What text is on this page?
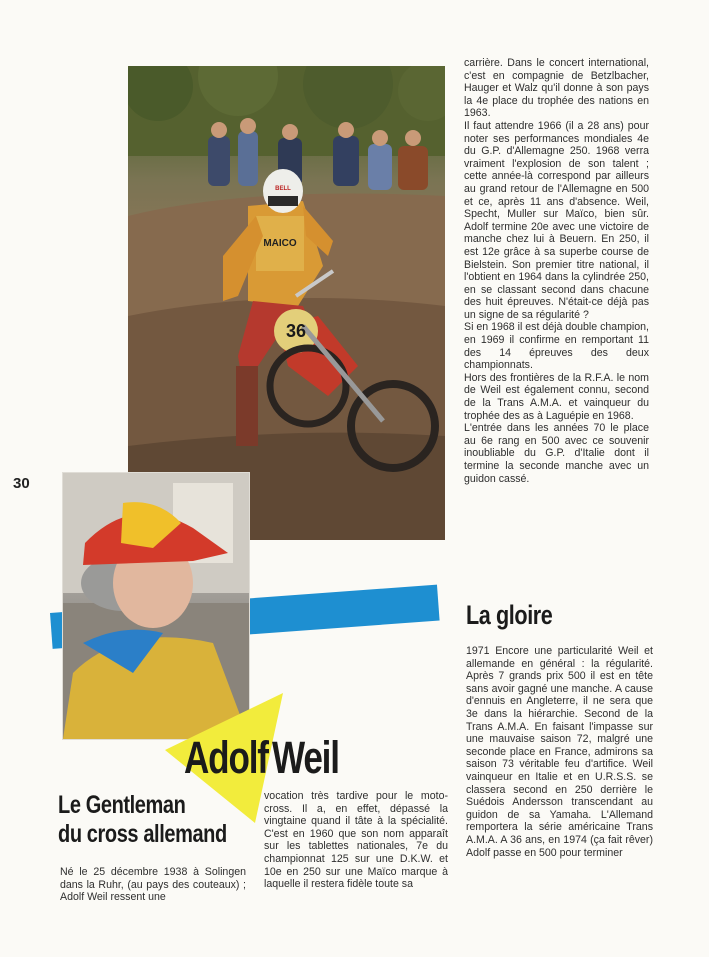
30
36
MAICO
BELL
Adolf Weil
Le Gentleman
du cross allemand
Né le 25 décembre 1938 à Solingen dans la Ruhr, (au pays des couteaux) ; Adolf Weil ressent une
vocation très tardive pour le moto-cross. Il a, en effet, dépassé la vingtaine quand il tâte à la spécialité. C'est en 1960 que son nom apparaît sur les tablettes nationales, 7e du championnat 125 sur une D.K.W. et 10e en 250 sur une Maïco marque à laquelle il restera fidèle toute sa
carrière. Dans le concert international, c'est en compagnie de Betzlbacher, Hauger et Walz qu'il donne à son pays la 4e place du trophée des nations en 1963.
Il faut attendre 1966 (il a 28 ans) pour noter ses performances mondiales 4e du G.P. d'Allemagne 250. 1968 verra vraiment l'explosion de son talent ; cette année-là correspond par ailleurs au grand retour de l'Allemagne en 500 et ce, après 11 ans d'absence. Weil, Specht, Muller sur Maïco, bien sûr. Adolf termine 20e avec une victoire de manche chez lui à Beuern. En 250, il est 12e grâce à sa superbe course de Bielstein. Son premier titre national, il l'obtient en 1964 dans la cylindrée 250, en se classant second dans chacune des huit épreuves. N'était-ce déjà pas un signe de sa régularité ?
Si en 1968 il est déjà double champion, en 1969 il confirme en remportant 11 des 14 épreuves des deux championnats.
Hors des frontières de la R.F.A. le nom de Weil est également connu, second de la Trans A.M.A. et vainqueur du trophée des as à Laguépie en 1968.
L'entrée dans les années 70 le place au 6e rang en 500 avec ce souvenir inoubliable du G.P. d'Italie dont il termine la seconde manche avec un guidon cassé.
La gloire
1971 Encore une particularité Weil et allemande en général : la régularité. Après 7 grands prix 500 il est en tête sans avoir gagné une manche. A cause d'ennuis en Angleterre, il ne sera que 3e dans la hiérarchie. Second de la Trans A.M.A. En faisant l'impasse sur une mauvaise saison 72, malgré une seconde place en France, admirons sa saison 73 véritable feu d'artifice. Weil vainqueur en Italie et en U.R.S.S. se classera second en 250 derrière le Suédois Andersson transcendant au guidon de sa Yamaha. L'Allemand remportera la série américaine Trans A.M.A. A 36 ans, en 1974 (ça fait rêver) Adolf passe en 500 pour terminer
